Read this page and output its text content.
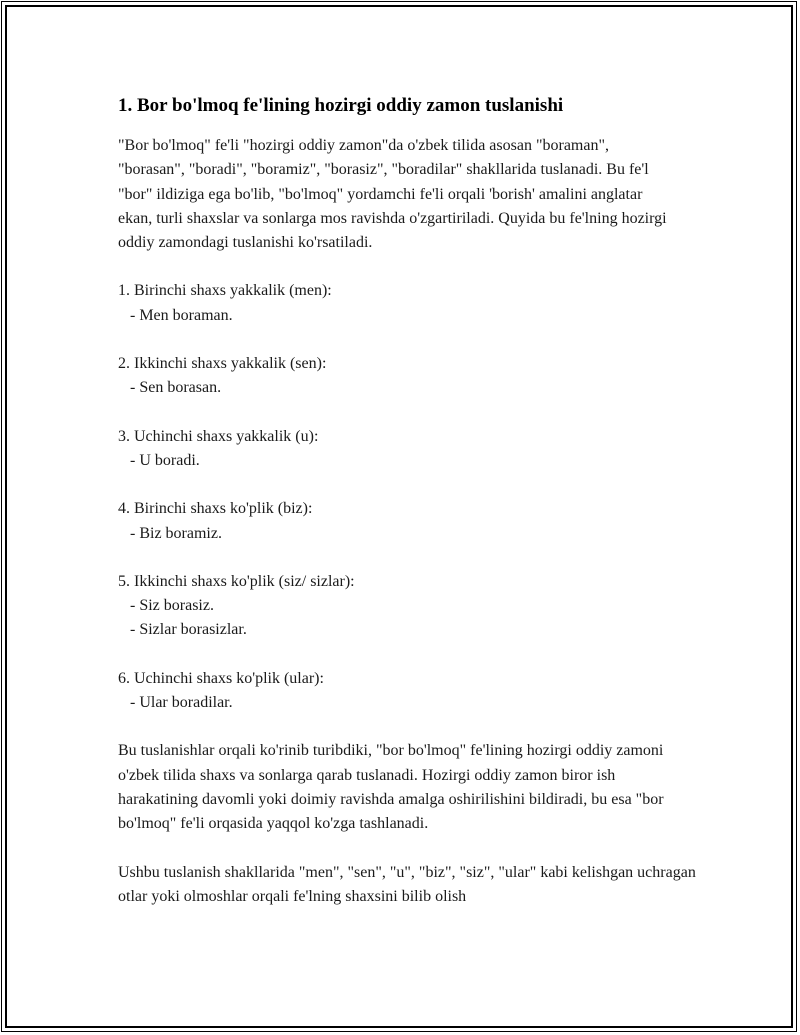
1. Bor bo'lmoq fe'lining hozirgi oddiy zamon tuslanishi

"Bor bo'lmoq" fe'li "hozirgi oddiy zamon"da o'zbek tilida asosan "boraman", "borasan", "boradi", "boramiz", "borasiz", "boradilar" shakllarida tuslanadi. Bu fe'l "bor" ildiziga ega bo'lib, "bo'lmoq" yordamchi fe'li orqali 'borish' amalini anglatar ekan, turli shaxslar va sonlarga mos ravishda o'zgartiriladi. Quyida bu fe'lning hozirgi oddiy zamondagi tuslanishi ko'rsatiladi.

1. Birinchi shaxs yakkalik (men):
- Men boraman.
2. Ikkinchi shaxs yakkalik (sen):
- Sen borasan.
3. Uchinchi shaxs yakkalik (u):
- U boradi.
4. Birinchi shaxs ko'plik (biz):
- Biz boramiz.
5. Ikkinchi shaxs ko'plik (siz/ sizlar):
- Siz borasiz.
- Sizlar borasizlar.
6. Uchinchi shaxs ko'plik (ular):
- Ular boradilar.

Bu tuslanishlar orqali ko'rinib turibdiki, "bor bo'lmoq" fe'lining hozirgi oddiy zamoni o'zbek tilida shaxs va sonlarga qarab tuslanadi. Hozirgi oddiy zamon biror ish harakatining davomli yoki doimiy ravishda amalga oshirilishini bildiradi, bu esa "bor bo'lmoq" fe'li orqasida yaqqol ko'zga tashlanadi.

Ushbu tuslanish shakllarida "men", "sen", "u", "biz", "siz", "ular" kabi kelishgan uchragan otlar yoki olmoshlar orqali fe'lning shaxsini bilib olish
